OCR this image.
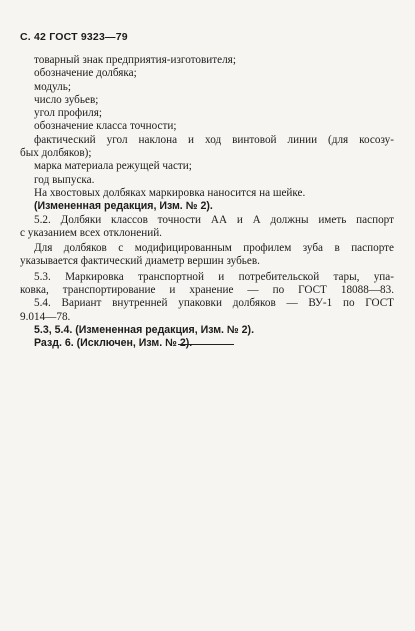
С. 42 ГОСТ 9323—79
товарный знак предприятия-изготовителя;
обозначение долбяка;
модуль;
число зубьев;
угол профиля;
обозначение класса точности;
фактический угол наклона и ход винтовой линии (для косозу-
бых долбяков);
марка материала режущей части;
год выпуска.
На хвостовых долбяках маркировка наносится на шейке.
(Измененная редакция, Изм. № 2).
5.2. Долбяки классов точности АА и А должны иметь паспорт
с указанием всех отклонений.
Для долбяков с модифицированным профилем зуба в паспорте
указывается фактический диаметр вершин зубьев.
5.3. Маркировка транспортной и потребительской тары, упа-
ковка, транспортирование и хранение — по ГОСТ 18088—83.
5.4. Вариант внутренней упаковки долбяков — ВУ-1 по ГОСТ
9.014—78.
5.3, 5.4. (Измененная редакция, Изм. № 2).
Разд. 6. (Исключен, Изм. № 2).
